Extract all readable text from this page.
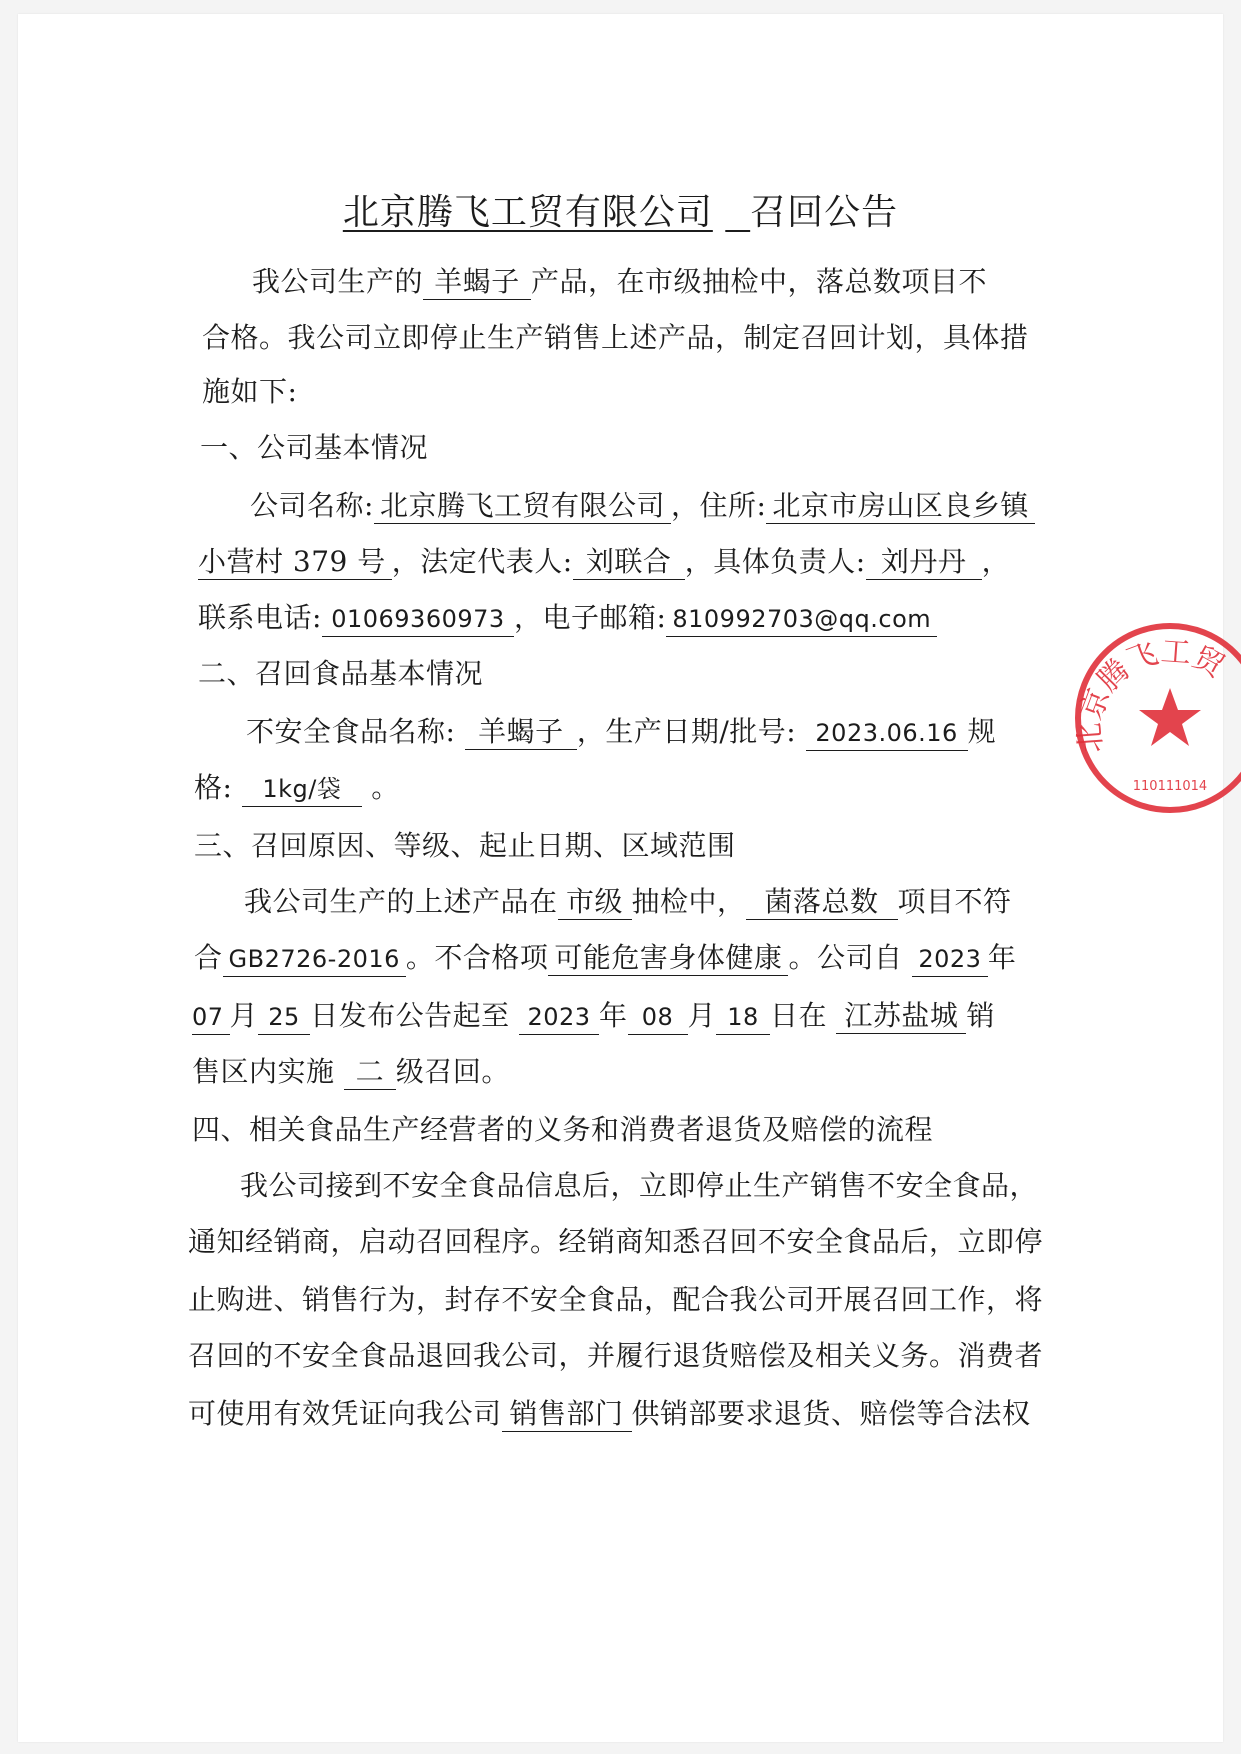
北京腾飞工贸有限公司 召回公告
我公司生产的 羊蝎子 产品，在市级抽检中，落总数项目不
合格。我公司立即停止生产销售上述产品，制定召回计划，具体措
施如下:
一、公司基本情况
公司名称: 北京腾飞工贸有限公司 ，住所: 北京市房山区良乡镇
小营村 379 号 ，法定代表人: 刘联合 ，具体负责人: 刘丹丹 ，
联系电话: 01069360973 ，电子邮箱: 810992703@qq.com
二、召回食品基本情况
不安全食品名称: 羊蝎子 ，生产日期/批号: 2023.06.16 规
格: 1kg/袋 。
三、召回原因、等级、起止日期、区域范围
我公司生产的上述产品在 市级 抽检中， 菌落总数 项目不符
合 GB2726-2016 。不合格项 可能危害身体健康 。公司自 2023 年
07 月 25 日发布公告起至 2023 年 08 月 18 日在 江苏盐城 销
售区内实施 二 级召回。
四、相关食品生产经营者的义务和消费者退货及赔偿的流程
我公司接到不安全食品信息后，立即停止生产销售不安全食品，
通知经销商，启动召回程序。经销商知悉召回不安全食品后，立即停
止购进、销售行为，封存不安全食品，配合我公司开展召回工作，将
召回的不安全食品退回我公司，并履行退货赔偿及相关义务。消费者
可使用有效凭证向我公司 销售部门 供销部要求退货、赔偿等合法权
北京腾飞工贸
110111014
